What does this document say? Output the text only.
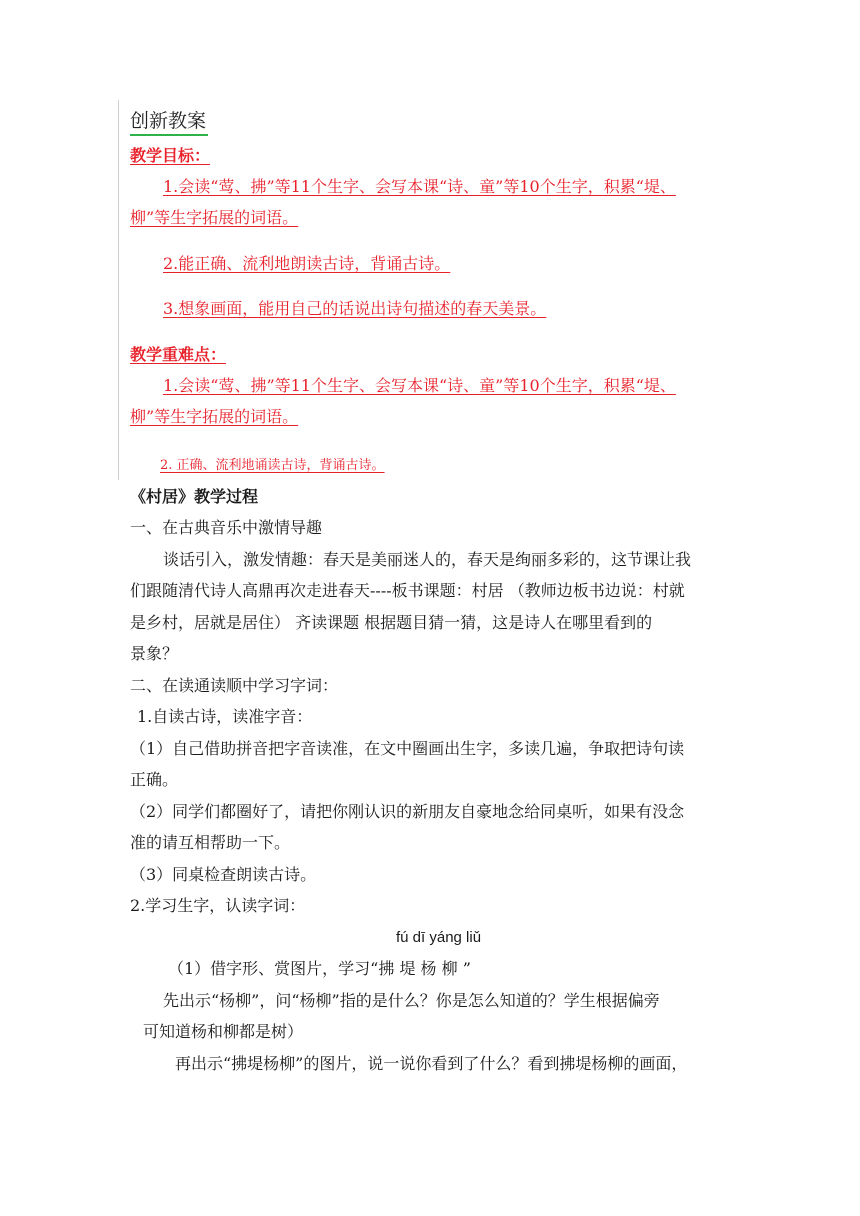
创新教案
教学目标：
1.会读“莺、拂”等11个生字、会写本课“诗、童”等10个生字，积累“堤、
柳”等生字拓展的词语。
2.能正确、流利地朗读古诗，背诵古诗。
3.想象画面，能用自己的话说出诗句描述的春天美景。
教学重难点：
1.会读“莺、拂”等11个生字、会写本课“诗、童”等10个生字，积累“堤、
柳”等生字拓展的词语。
2. 正确、流利地诵读古诗，背诵古诗。
《村居》教学过程
一、在古典音乐中激情导趣
谈话引入，激发情趣：春天是美丽迷人的，春天是绚丽多彩的，这节课让我
们跟随清代诗人高鼎再次走进春天----板书课题：村居 （教师边板书边说：村就
是乡村，居就是居住） 齐读课题 根据题目猜一猜，这是诗人在哪里看到的
景象？
二、在读通读顺中学习字词：
1.自读古诗，读准字音：
（1）自己借助拼音把字音读准，在文中圈画出生字，多读几遍，争取把诗句读
正确。
（2）同学们都圈好了，请把你刚认识的新朋友自豪地念给同桌听，如果有没念
准的请互相帮助一下。
（3）同桌检查朗读古诗。
2.学习生字，认读字词：
fú dī yánɡ liǔ
（1）借字形、赏图片，学习“拂 堤 杨 柳 ”
先出示“杨柳”，问“杨柳”指的是什么？你是怎么知道的？学生根据偏旁
可知道杨和柳都是树）
再出示“拂堤杨柳”的图片，说一说你看到了什么？看到拂堤杨柳的画面，
